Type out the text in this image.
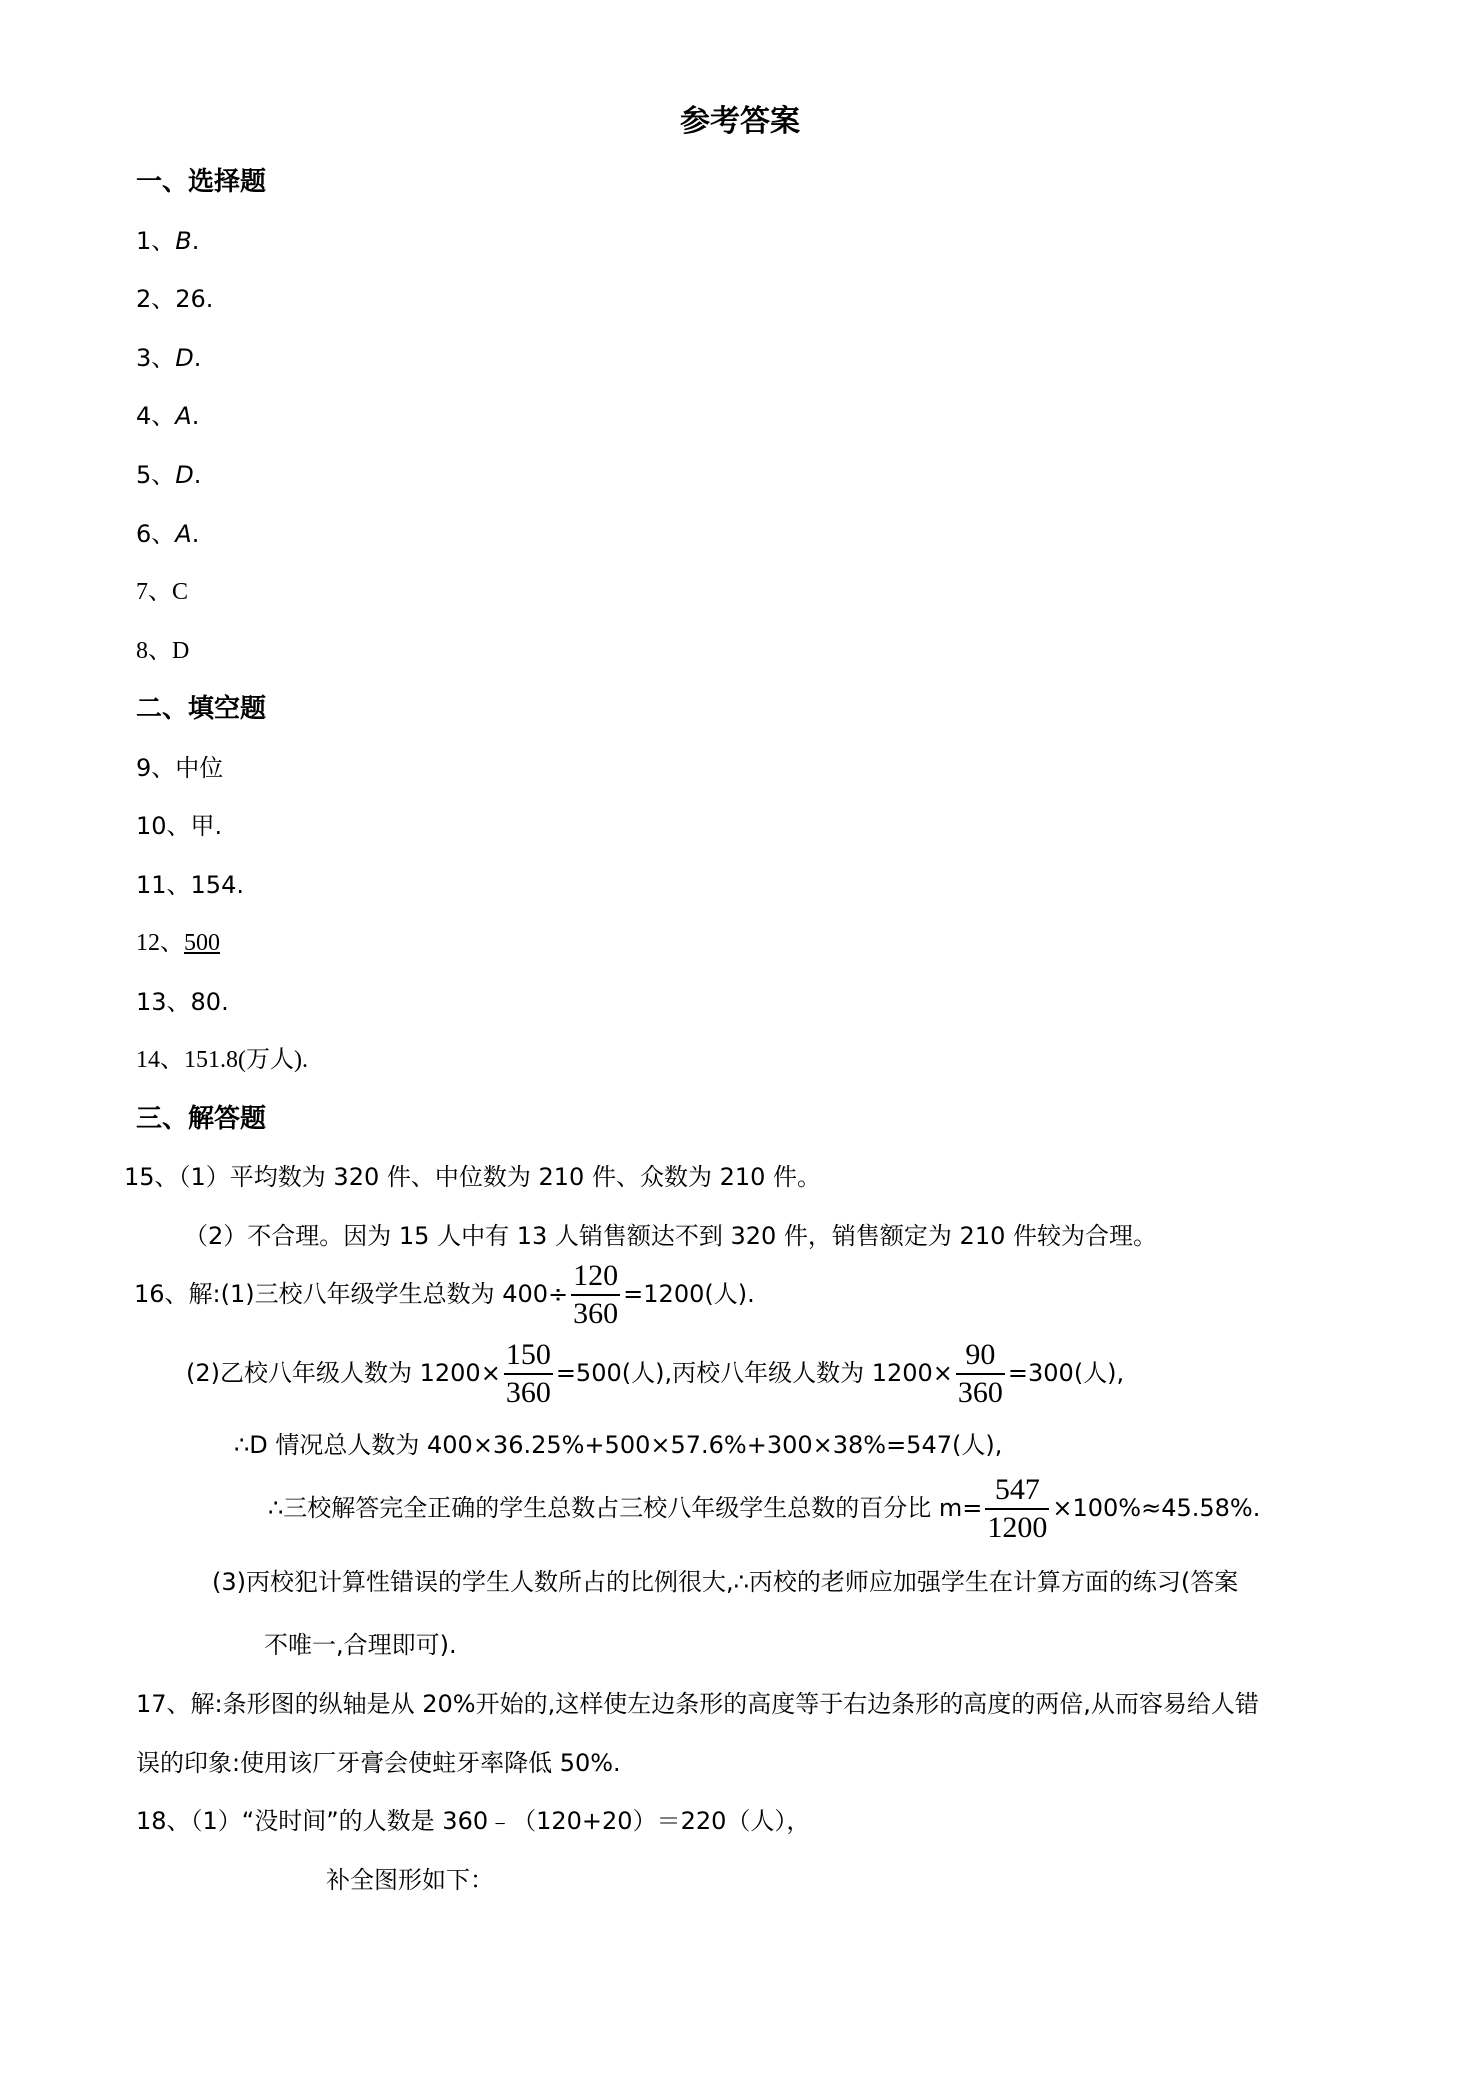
参考答案
一、选择题
1、B.
2、26.
3、D.
4、A.
5、D.
6、A.
7、C
8、D
二、填空题
9、中位
10、甲.
11、154.
12、500
13、80.
14、151.8(万人).
三、解答题
15、（1）平均数为 320 件、中位数为 210 件、众数为 210 件。
（2）不合理。因为 15 人中有 13 人销售额达不到 320 件，销售额定为 210 件较为合理。
16、解:(1)三校八年级学生总数为 $400\div \frac{120}{360} =1200$(人).
(2)乙校八年级人数为 $1200\times \frac{150}{360} =500$(人),丙校八年级人数为 $1200\times \frac{90}{360} =300$(人),
∴D 情况总人数为 400×36.25%+500×57.6%+300×38%=547(人),
∴三校解答完全正确的学生总数占三校八年级学生总数的百分比 $m= \frac{547}{1200} \times 100\%\approx 45.58\%$.
(3)丙校犯计算性错误的学生人数所占的比例很大,∴丙校的老师应加强学生在计算方面的练习(答案
不唯一,合理即可).
17、解:条形图的纵轴是从 20%开始的,这样使左边条形的高度等于右边条形的高度的两倍,从而容易给人错
误的印象:使用该厂牙膏会使蛀牙率降低 50%.
18、（1）“没时间”的人数是 360﹣（120+20）＝220（人），
补全图形如下：
